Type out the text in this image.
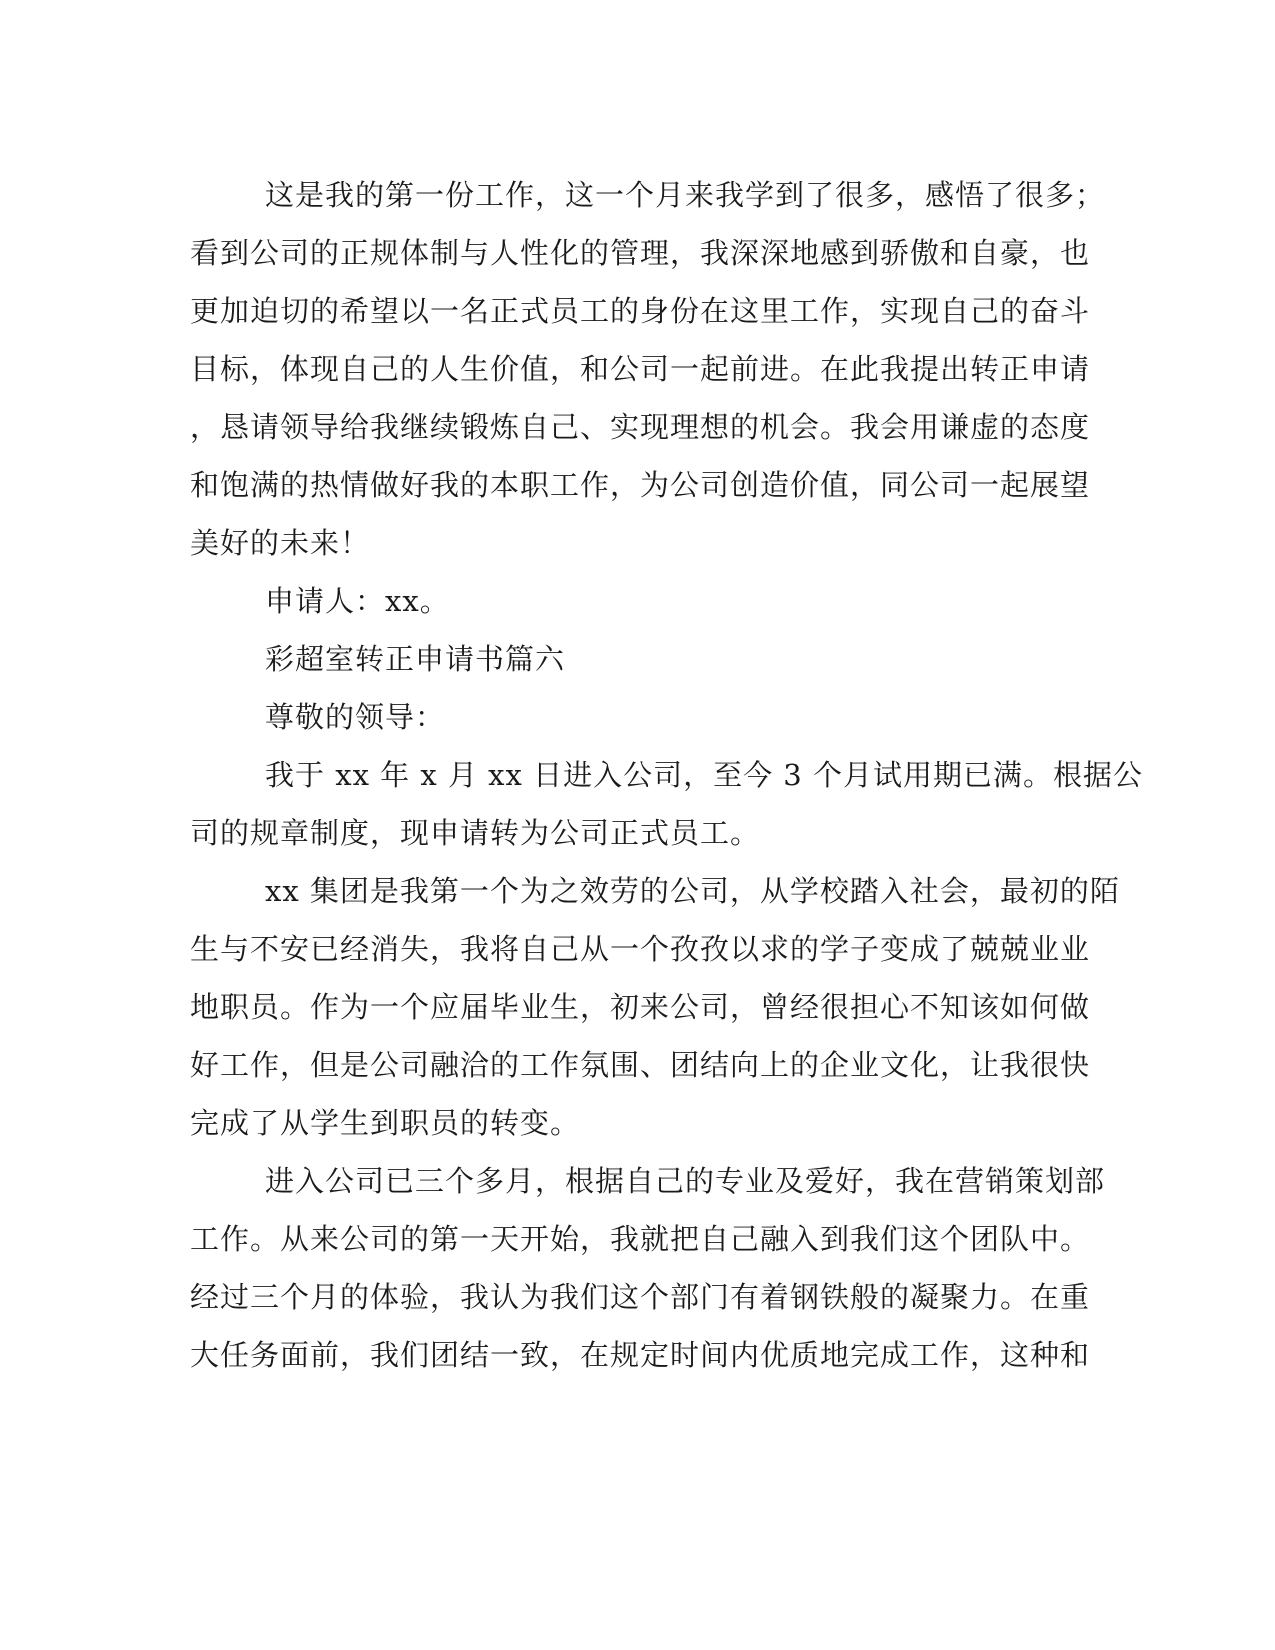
这是我的第一份工作，这一个月来我学到了很多，感悟了很多；
看到公司的正规体制与人性化的管理，我深深地感到骄傲和自豪，也
更加迫切的希望以一名正式员工的身份在这里工作，实现自己的奋斗
目标，体现自己的人生价值，和公司一起前进。在此我提出转正申请
，恳请领导给我继续锻炼自己、实现理想的机会。我会用谦虚的态度
和饱满的热情做好我的本职工作，为公司创造价值，同公司一起展望
美好的未来！
申请人：xx。
彩超室转正申请书篇六
尊敬的领导：
我于 xx 年 x 月 xx 日进入公司，至今 3 个月试用期已满。根据公
司的规章制度，现申请转为公司正式员工。
xx 集团是我第一个为之效劳的公司，从学校踏入社会，最初的陌
生与不安已经消失，我将自己从一个孜孜以求的学子变成了兢兢业业
地职员。作为一个应届毕业生，初来公司，曾经很担心不知该如何做
好工作，但是公司融洽的工作氛围、团结向上的企业文化，让我很快
完成了从学生到职员的转变。
进入公司已三个多月，根据自己的专业及爱好，我在营销策划部
工作。从来公司的第一天开始，我就把自己融入到我们这个团队中。
经过三个月的体验，我认为我们这个部门有着钢铁般的凝聚力。在重
大任务面前，我们团结一致，在规定时间内优质地完成工作，这种和
